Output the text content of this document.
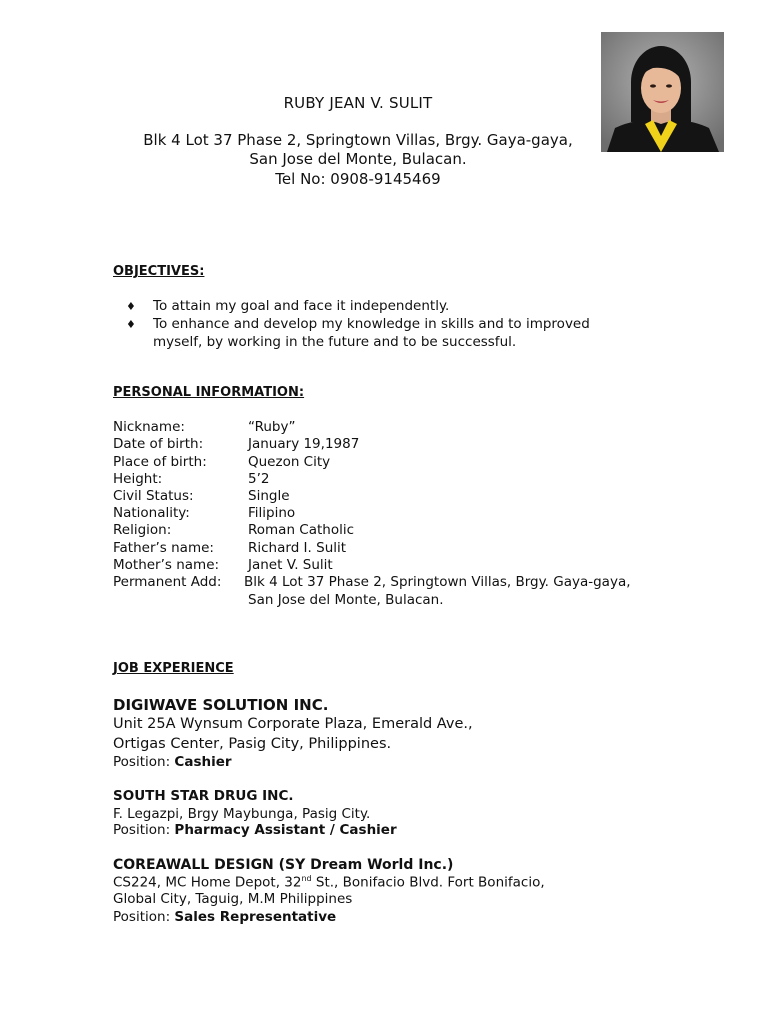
RUBY JEAN V. SULIT
Blk 4 Lot 37 Phase 2, Springtown Villas, Brgy. Gaya-gaya,
San Jose del Monte, Bulacan.
Tel No: 0908-9145469
OBJECTIVES:
♦ To attain my goal and face it independently.
♦ To enhance and develop my knowledge in skills and to improved
myself, by working in the future and to be successful.
PERSONAL INFORMATION:
Nickname:	“Ruby”
Date of birth:	January 19,1987
Place of birth:	Quezon City
Height:	5’2
Civil Status:	Single
Nationality:	Filipino
Religion:	Roman Catholic
Father’s name:	Richard I. Sulit
Mother’s name: Janet V. Sulit
Permanent Add: Blk 4 Lot 37 Phase 2, Springtown Villas, Brgy. Gaya-gaya,
San Jose del Monte, Bulacan.
JOB EXPERIENCE
DIGIWAVE SOLUTION INC.
Unit 25A Wynsum Corporate Plaza, Emerald Ave.,
Ortigas Center, Pasig City, Philippines.
Position: Cashier
SOUTH STAR DRUG INC.
F. Legazpi, Brgy Maybunga, Pasig City.
Position: Pharmacy Assistant / Cashier
COREAWALL DESIGN (SY Dream World Inc.)
CS224, MC Home Depot, 32nd St., Bonifacio Blvd. Fort Bonifacio,
Global City, Taguig, M.M Philippines
Position: Sales Representative
